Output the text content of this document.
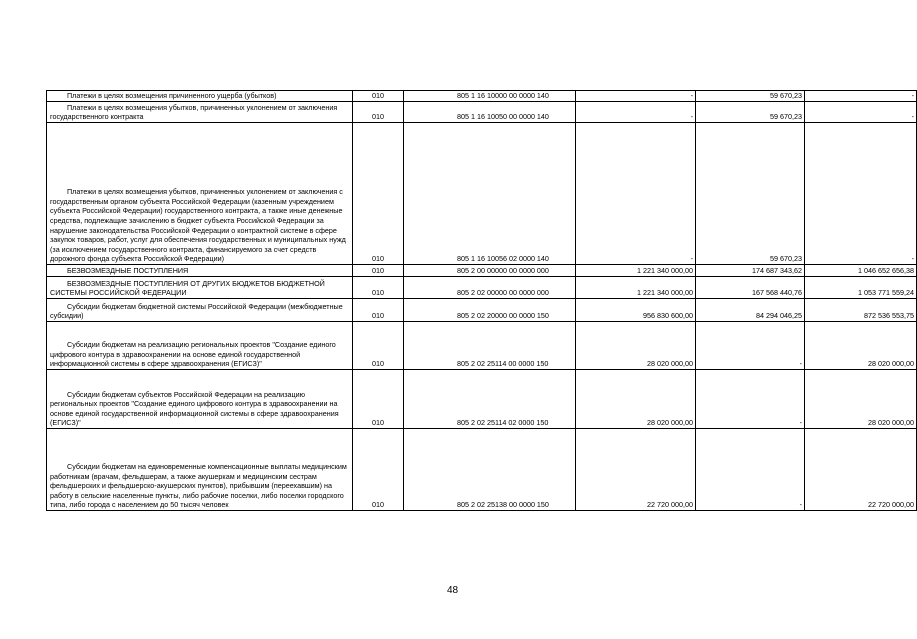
Платежи в целях возмещения причиненного ущерба (убытков)	010	805 1 16 10000 00 0000 140	-	59 670,23	-

Платежи в целях возмещения убытков, причиненных уклонением от заключения государственного контракта	010	805 1 16 10050 00 0000 140	-	59 670,23	-

Платежи в целях возмещения убытков, причиненных уклонением от заключения с государственным органом субъекта Российской Федерации (казенным учреждением субъекта Российской Федерации) государственного контракта, а также иные денежные средства, подлежащие зачислению в бюджет субъекта Российской Федерации за нарушение законодательства Российской Федерации о контрактной системе в сфере закупок товаров, работ, услуг для обеспечения государственных и муниципальных нужд (за исключением государственного контракта, финансируемого за счет средств дорожного фонда субъекта Российской Федерации)	010	805 1 16 10056 02 0000 140	-	59 670,23	-

БЕЗВОЗМЕЗДНЫЕ ПОСТУПЛЕНИЯ	010	805 2 00 00000 00 0000 000	1 221 340 000,00	174 687 343,62	1 046 652 656,38

БЕЗВОЗМЕЗДНЫЕ ПОСТУПЛЕНИЯ ОТ ДРУГИХ БЮДЖЕТОВ БЮДЖЕТНОЙ СИСТЕМЫ РОССИЙСКОЙ ФЕДЕРАЦИИ	010	805 2 02 00000 00 0000 000	1 221 340 000,00	167 568 440,76	1 053 771 559,24

Субсидии бюджетам бюджетной системы Российской Федерации (межбюджетные субсидии)	010	805 2 02 20000 00 0000 150	956 830 600,00	84 294 046,25	872 536 553,75

Субсидии бюджетам на реализацию региональных проектов "Создание единого цифрового контура в здравоохранении на основе единой государственной информационной системы в сфере здравоохранения (ЕГИСЗ)"	010	805 2 02 25114 00 0000 150	28 020 000,00	-	28 020 000,00

Субсидии бюджетам субъектов Российской Федерации на реализацию региональных проектов "Создание единого цифрового контура в здравоохранении на основе единой государственной информационной системы в сфере здравоохранения (ЕГИСЗ)"	010	805 2 02 25114 02 0000 150	28 020 000,00	-	28 020 000,00

Субсидии бюджетам на единовременные компенсационные выплаты медицинским работникам (врачам, фельдшерам, а также акушеркам и медицинским сестрам фельдшерских и фельдшерско-акушерских пунктов), прибывшим (переехавшим) на работу в сельские населенные пункты, либо рабочие поселки, либо поселки городского типа, либо города с населением до 50 тысяч человек	010	805 2 02 25138 00 0000 150	22 720 000,00	-	22 720 000,00
48
